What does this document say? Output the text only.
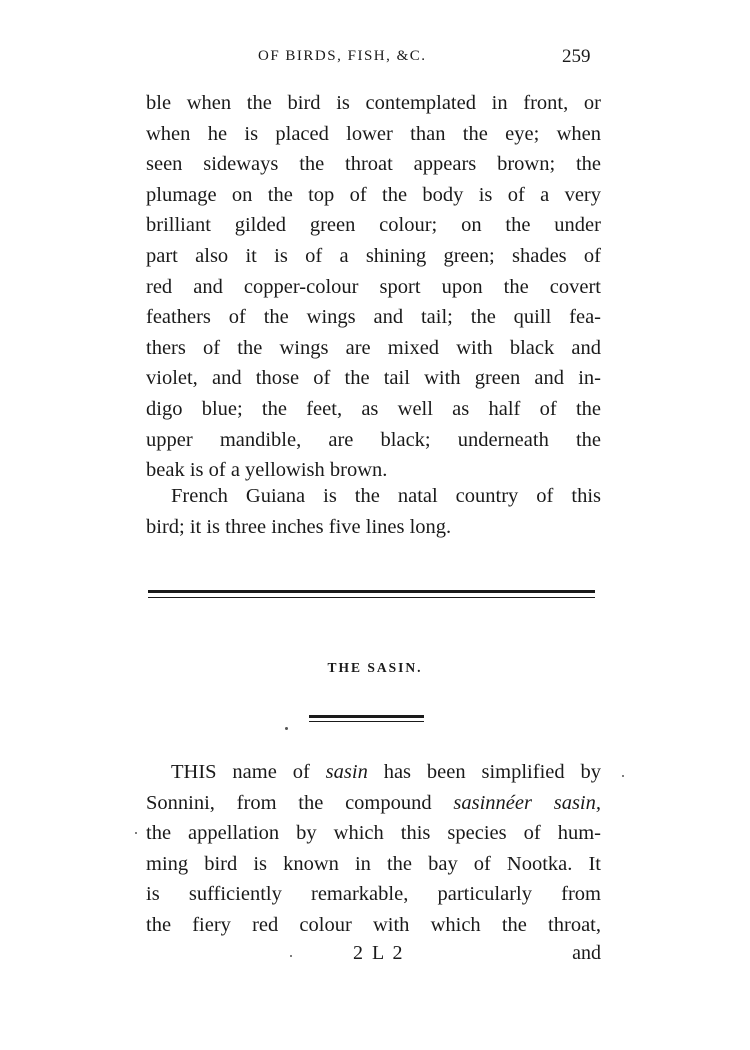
OF BIRDS, FISH, &C.	259
ble when the bird is contemplated in front, or
when he is placed lower than the eye; when
seen sideways the throat appears brown; the
plumage on the top of the body is of a very
brilliant gilded green colour; on the under
part also it is of a shining green; shades of
red and copper-colour sport upon the covert
feathers of the wings and tail; the quill fea-
thers of the wings are mixed with black and
violet, and those of the tail with green and in-
digo blue; the feet, as well as half of the
upper mandible, are black; underneath the
beak is of a yellowish brown.
French Guiana is the natal country of this
bird; it is three inches five lines long.
THE SASIN.
THIS name of sasin has been simplified by
Sonnini, from the compound sasinnéer sasin,
the appellation by which this species of hum-
ming bird is known in the bay of Nootka. It
is sufficiently remarkable, particularly from
the fiery red colour with which the throat,
2 L 2	and
